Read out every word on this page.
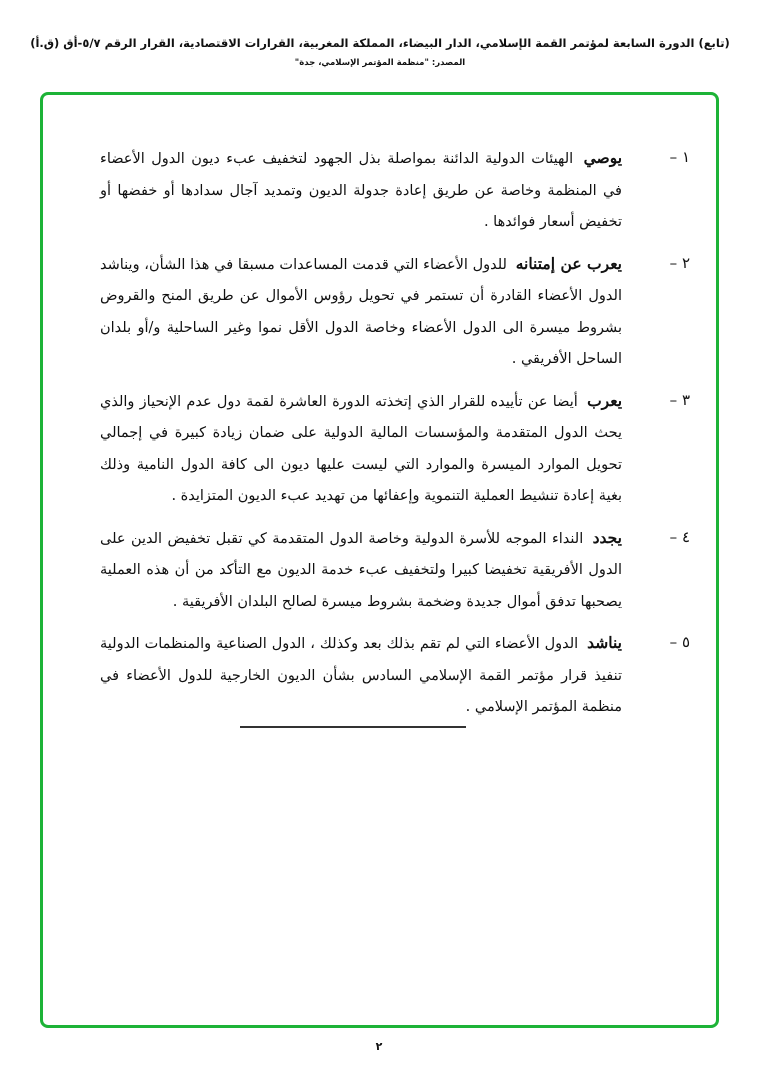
(تابع) الدورة السابعة لمؤتمر القمة الإسلامي، الدار البيضاء، المملكة المغربية، القرارات الاقتصادية، القرار الرقم ٥/٧-أق (ق.أ)
المصدر: "منظمة المؤتمر الإسلامي، جدة"
١ –
يوصي الهيئات الدولية الدائنة بمواصلة بذل الجهود لتخفيف عبء ديون الدول الأعضاء في المنظمة وخاصة عن طريق إعادة جدولة الديون وتمديد آجال سدادها أو خفضها أو تخفيض أسعار فوائدها .
٢ –
يعرب عن إمتنانه للدول الأعضاء التي قدمت المساعدات مسبقا في هذا الشأن، ويناشد الدول الأعضاء القادرة أن تستمر في تحويل رؤوس الأموال عن طريق المنح والقروض بشروط ميسرة الى الدول الأعضاء وخاصة الدول الأقل نموا وغير الساحلية و/أو بلدان الساحل الأفريقي .
٣ –
يعرب أيضا عن تأييده للقرار الذي إتخذته الدورة العاشرة لقمة دول عدم الإنحياز والذي يحث الدول المتقدمة والمؤسسات المالية الدولية على ضمان زيادة كبيرة في إجمالي تحويل الموارد الميسرة والموارد التي ليست عليها ديون الى كافة الدول النامية وذلك بغية إعادة تنشيط العملية التنموية وإعفائها من تهديد عبء الديون المتزايدة .
٤ –
يجدد النداء الموجه للأسرة الدولية وخاصة الدول المتقدمة كي تقبل تخفيض الدين على الدول الأفريقية تخفيضا كبيرا ولتخفيف عبء خدمة الديون مع التأكد من أن هذه العملية يصحبها تدفق أموال جديدة وضخمة بشروط ميسرة لصالح البلدان الأفريقية .
٥ –
يناشد الدول الأعضاء التي لم تقم بذلك بعد وكذلك ، الدول الصناعية والمنظمات الدولية تنفيذ قرار مؤتمر القمة الإسلامي السادس بشأن الديون الخارجية للدول الأعضاء في منظمة المؤتمر الإسلامي .
٢
